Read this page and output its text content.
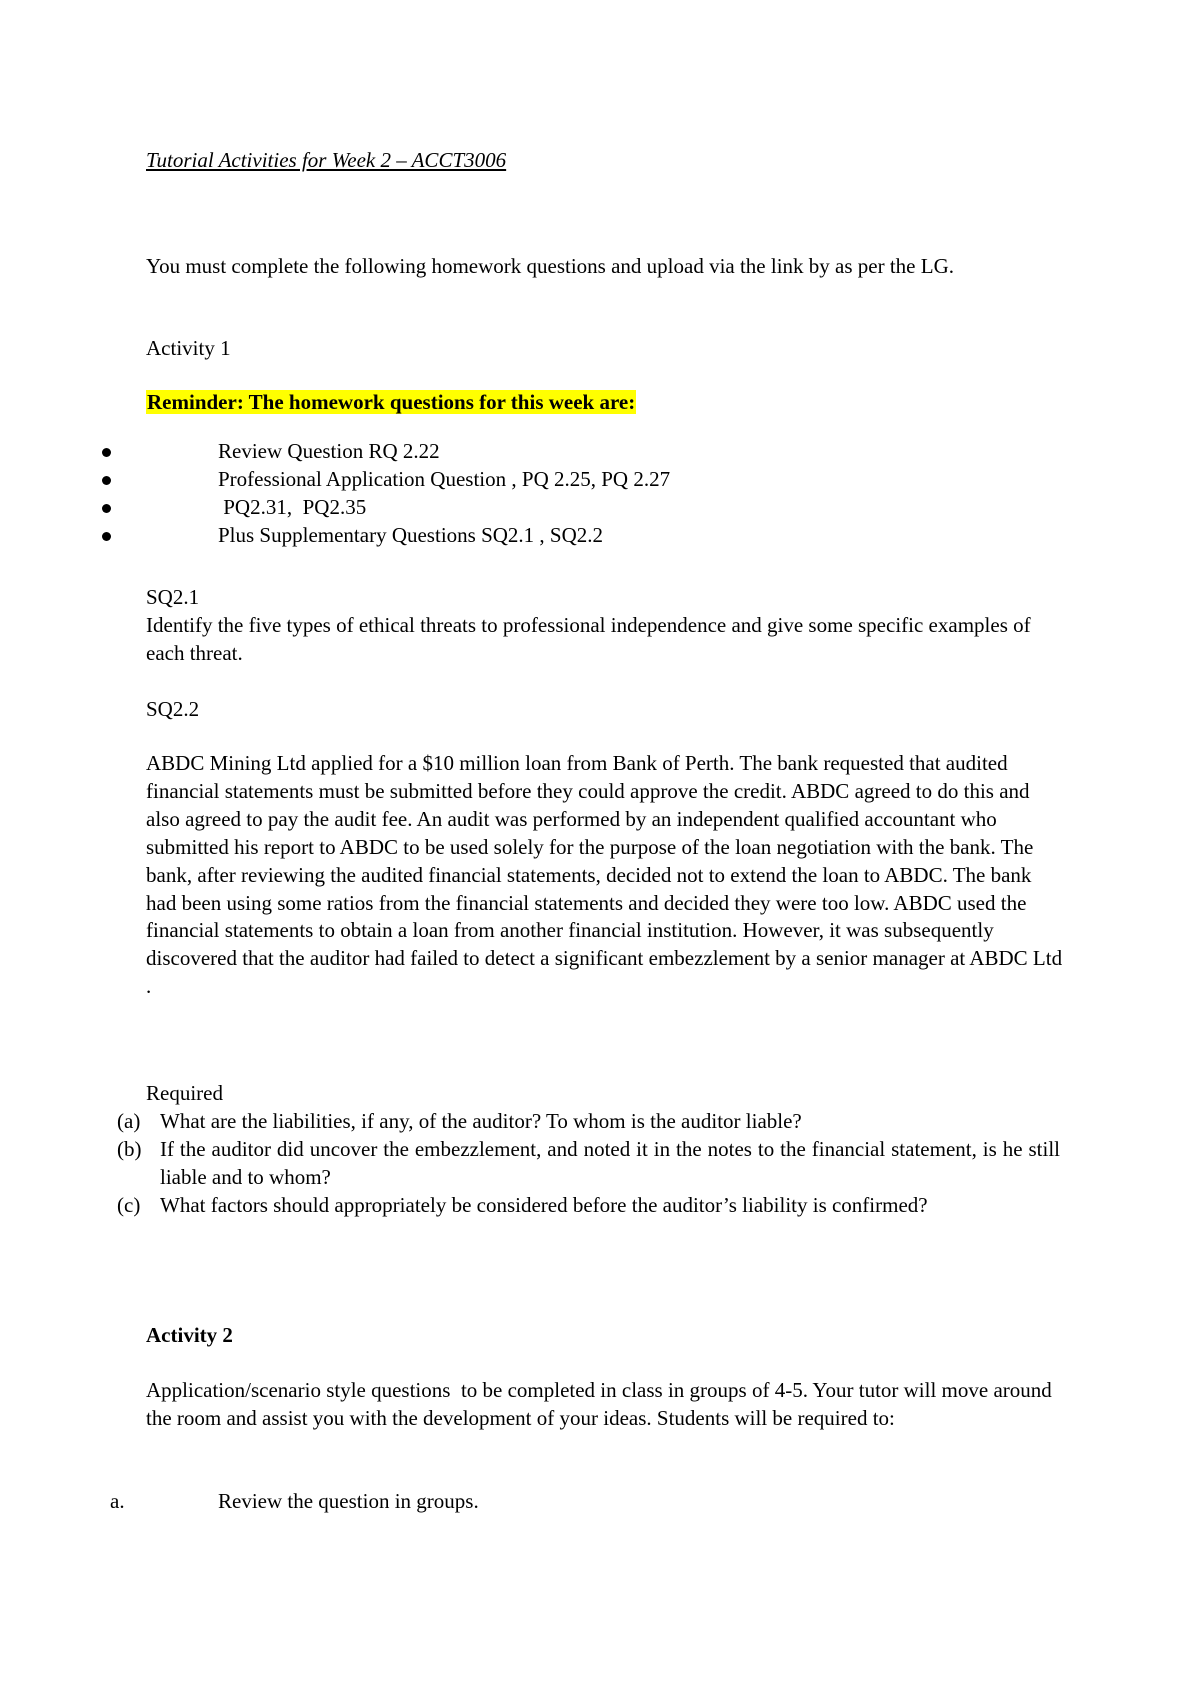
Tutorial Activities for Week 2 – ACCT3006

You must complete the following homework questions and upload via the link by as per the LG.

Activity 1

Reminder: The homework questions for this week are:

Review Question RQ 2.22
Professional Application Question , PQ 2.25, PQ 2.27
PQ2.31,  PQ2.35
Plus Supplementary Questions SQ2.1 , SQ2.2

SQ2.1

Identify the five types of ethical threats to professional independence and give some specific examples of each threat.

SQ2.2

ABDC Mining Ltd applied for a $10 million loan from Bank of Perth. The bank requested that audited financial statements must be submitted before they could approve the credit. ABDC agreed to do this and also agreed to pay the audit fee. An audit was performed by an independent qualified accountant who submitted his report to ABDC to be used solely for the purpose of the loan negotiation with the bank. The bank, after reviewing the audited financial statements, decided not to extend the loan to ABDC. The bank had been using some ratios from the financial statements and decided they were too low. ABDC used the financial statements to obtain a loan from another financial institution. However, it was subsequently discovered that the auditor had failed to detect a significant embezzlement by a senior manager at ABDC Ltd .

Required

(a) What are the liabilities, if any, of the auditor? To whom is the auditor liable?
(b) If the auditor did uncover the embezzlement, and noted it in the notes to the financial statement, is he still liable and to whom?
(c) What factors should appropriately be considered before the auditor’s liability is confirmed?

Activity 2

Application/scenario style questions  to be completed in class in groups of 4-5. Your tutor will move around the room and assist you with the development of your ideas. Students will be required to:

a.	Review the question in groups.
